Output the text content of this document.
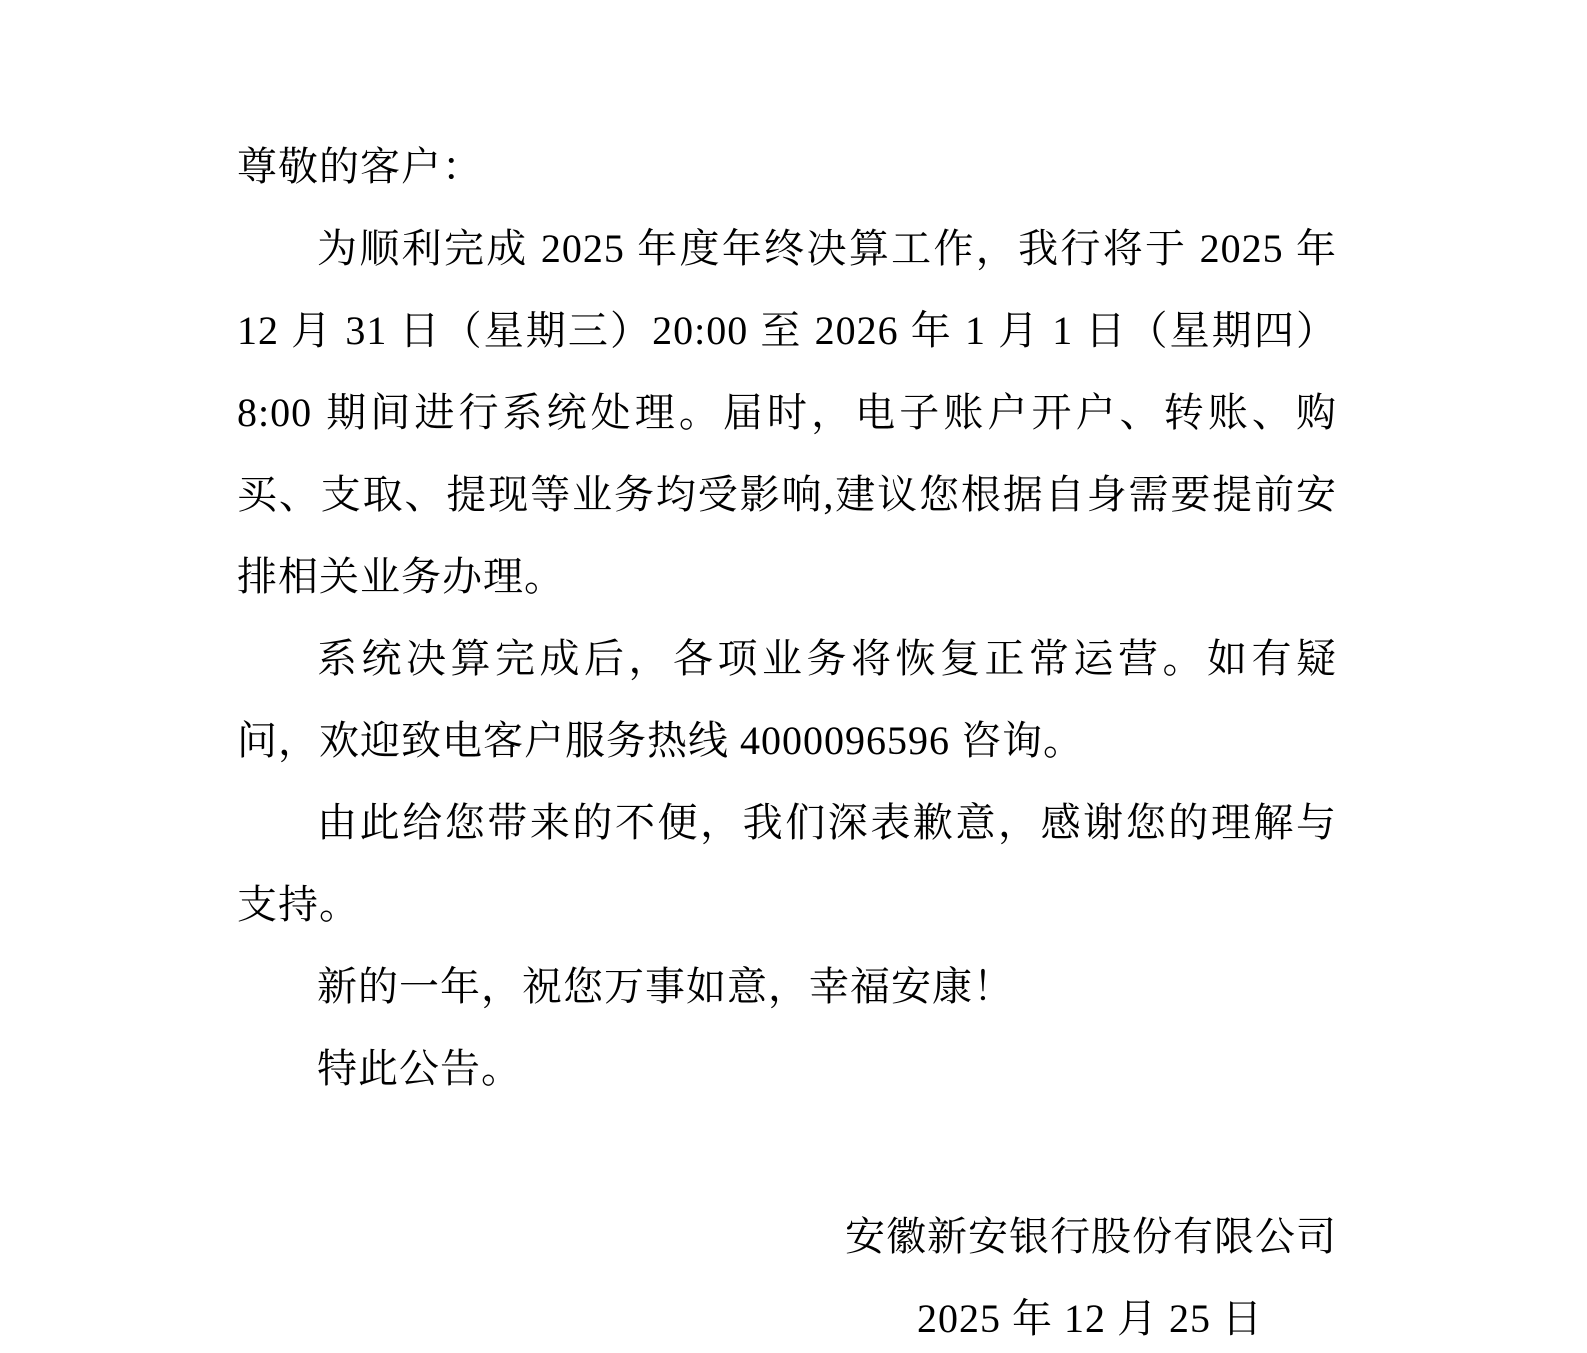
尊敬的客户：

为顺利完成 2025 年度年终决算工作，我行将于 2025 年 12 月 31 日（星期三）20:00 至 2026 年 1 月 1 日（星期四）8:00 期间进行系统处理。届时，电子账户开户、转账、购买、支取、提现等业务均受影响,建议您根据自身需要提前安排相关业务办理。

系统决算完成后，各项业务将恢复正常运营。如有疑问，欢迎致电客户服务热线 4000096596 咨询。

由此给您带来的不便，我们深表歉意，感谢您的理解与支持。

新的一年，祝您万事如意，幸福安康！

特此公告。

安徽新安银行股份有限公司

2025 年 12 月 25 日
